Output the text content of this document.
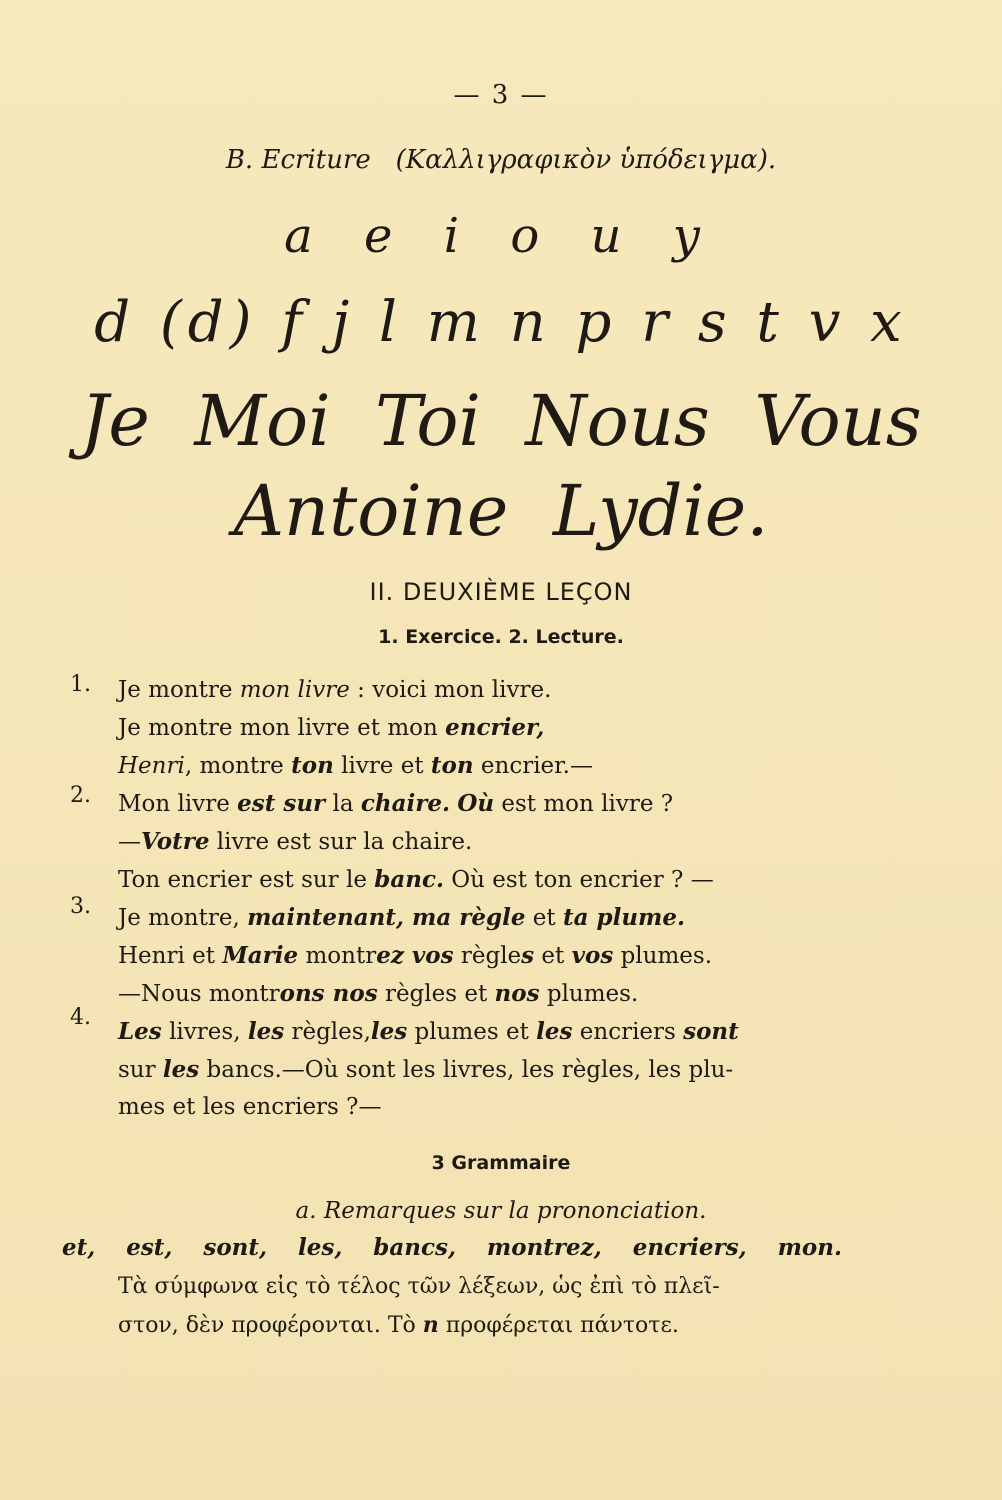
— 3 —
B. Ecriture (Καλλιγραφικὸν ὑπόδειγμα).
a e i o u y
d (d) f j l m n p r s t v x
Je Moi Toi Nous Vous
Antoine Lydie.
II. DEUXIÈME LEÇON
1. Exercice. 2. Lecture.
1.
2.
3.
4.

Je montre mon livre : voici mon livre.

Je montre mon livre et mon encrier,

Henri, montre ton livre et ton encrier.—

Mon livre est sur la chaire. Où est mon livre ?

—Votre livre est sur la chaire.

Ton encrier est sur le banc. Où est ton encrier ? —

Je montre, maintenant, ma règle et ta plume.

Henri et Marie montrez vos règles et vos plumes.

—Nous montrons nos règles et nos plumes.

Les livres, les règles,les plumes et les encriers sont

sur les bancs.—Où sont les livres, les règles, les plu-

mes et les encriers ?—

3 Grammaire
a. Remarques sur la prononciation.
et, est, sont, les, bancs, montrez, encriers, mon.
Τὰ σύμφωνα εἰς τὸ τέλος τῶν λέξεων, ὡς ἐπὶ τὸ πλεῖ-
στον, δὲν προφέρονται. Τὸ n προφέρεται πάντοτε.
